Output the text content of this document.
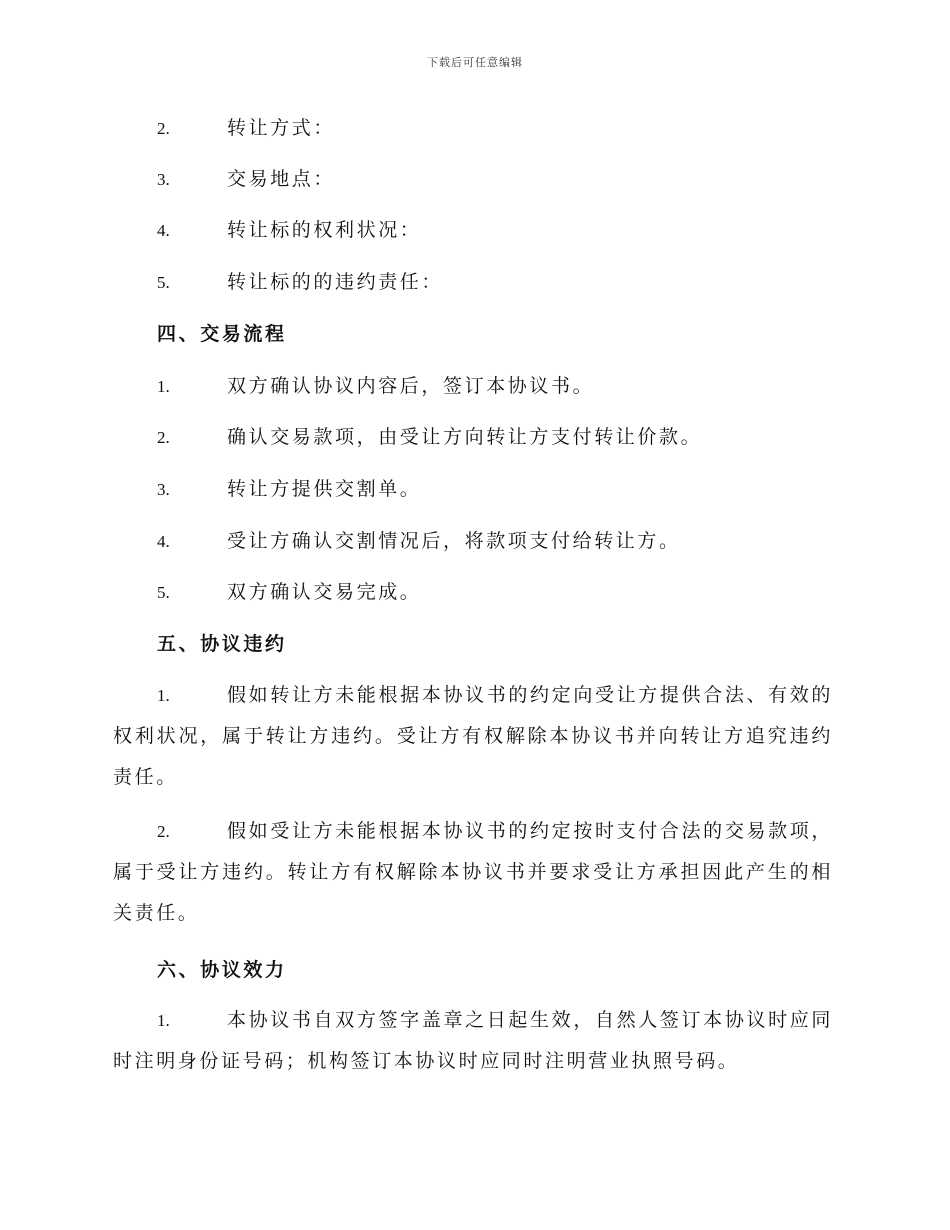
下载后可任意编辑
2.	转让方式：
3.	交易地点：
4.	转让标的权利状况：
5.	转让标的的违约责任：
四、交易流程
1.	双方确认协议内容后，签订本协议书。
2.	确认交易款项，由受让方向转让方支付转让价款。
3.	转让方提供交割单。
4.	受让方确认交割情况后，将款项支付给转让方。
5.	双方确认交易完成。
五、协议违约
1.	假如转让方未能根据本协议书的约定向受让方提供合法、有效的权利状况，属于转让方违约。受让方有权解除本协议书并向转让方追究违约责任。
2.	假如受让方未能根据本协议书的约定按时支付合法的交易款项，属于受让方违约。转让方有权解除本协议书并要求受让方承担因此产生的相关责任。
六、协议效力
1.	本协议书自双方签字盖章之日起生效，自然人签订本协议时应同时注明身份证号码；机构签订本协议时应同时注明营业执照号码。
